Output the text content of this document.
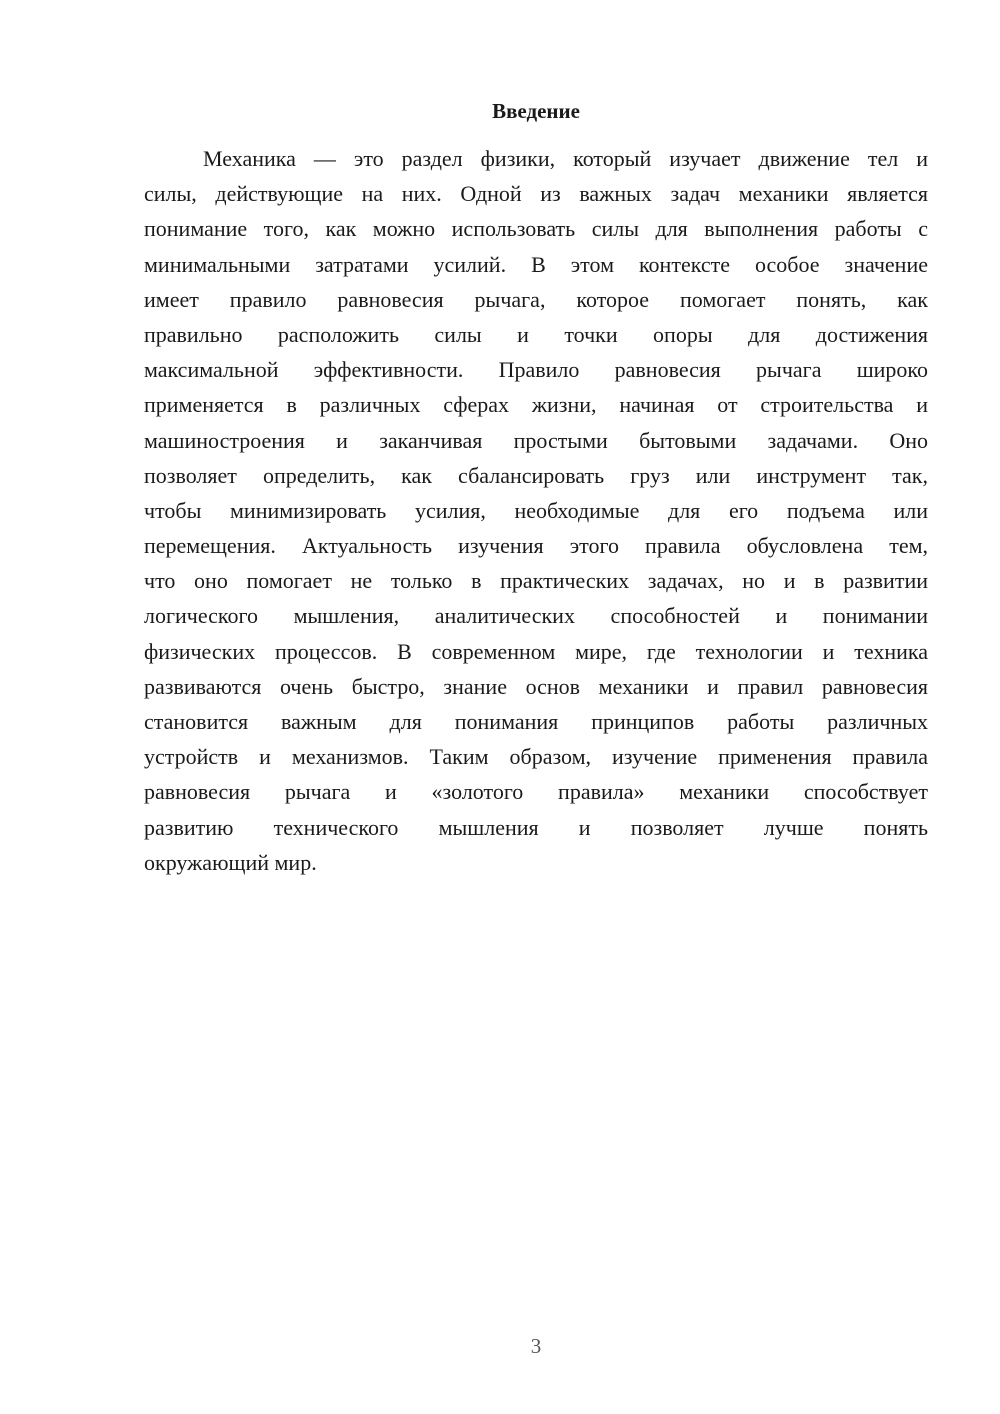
Введение
Механика — это раздел физики, который изучает движение тел и
силы, действующие на них. Одной из важных задач механики является
понимание того, как можно использовать силы для выполнения работы с
минимальными затратами усилий. В этом контексте особое значение
имеет правило равновесия рычага, которое помогает понять, как
правильно расположить силы и точки опоры для достижения
максимальной эффективности. Правило равновесия рычага широко
применяется в различных сферах жизни, начиная от строительства и
машиностроения и заканчивая простыми бытовыми задачами. Оно
позволяет определить, как сбалансировать груз или инструмент так,
чтобы минимизировать усилия, необходимые для его подъема или
перемещения. Актуальность изучения этого правила обусловлена тем,
что оно помогает не только в практических задачах, но и в развитии
логического мышления, аналитических способностей и понимании
физических процессов. В современном мире, где технологии и техника
развиваются очень быстро, знание основ механики и правил равновесия
становится важным для понимания принципов работы различных
устройств и механизмов. Таким образом, изучение применения правила
равновесия рычага и «золотого правила» механики способствует
развитию технического мышления и позволяет лучше понять
окружающий мир.
3
